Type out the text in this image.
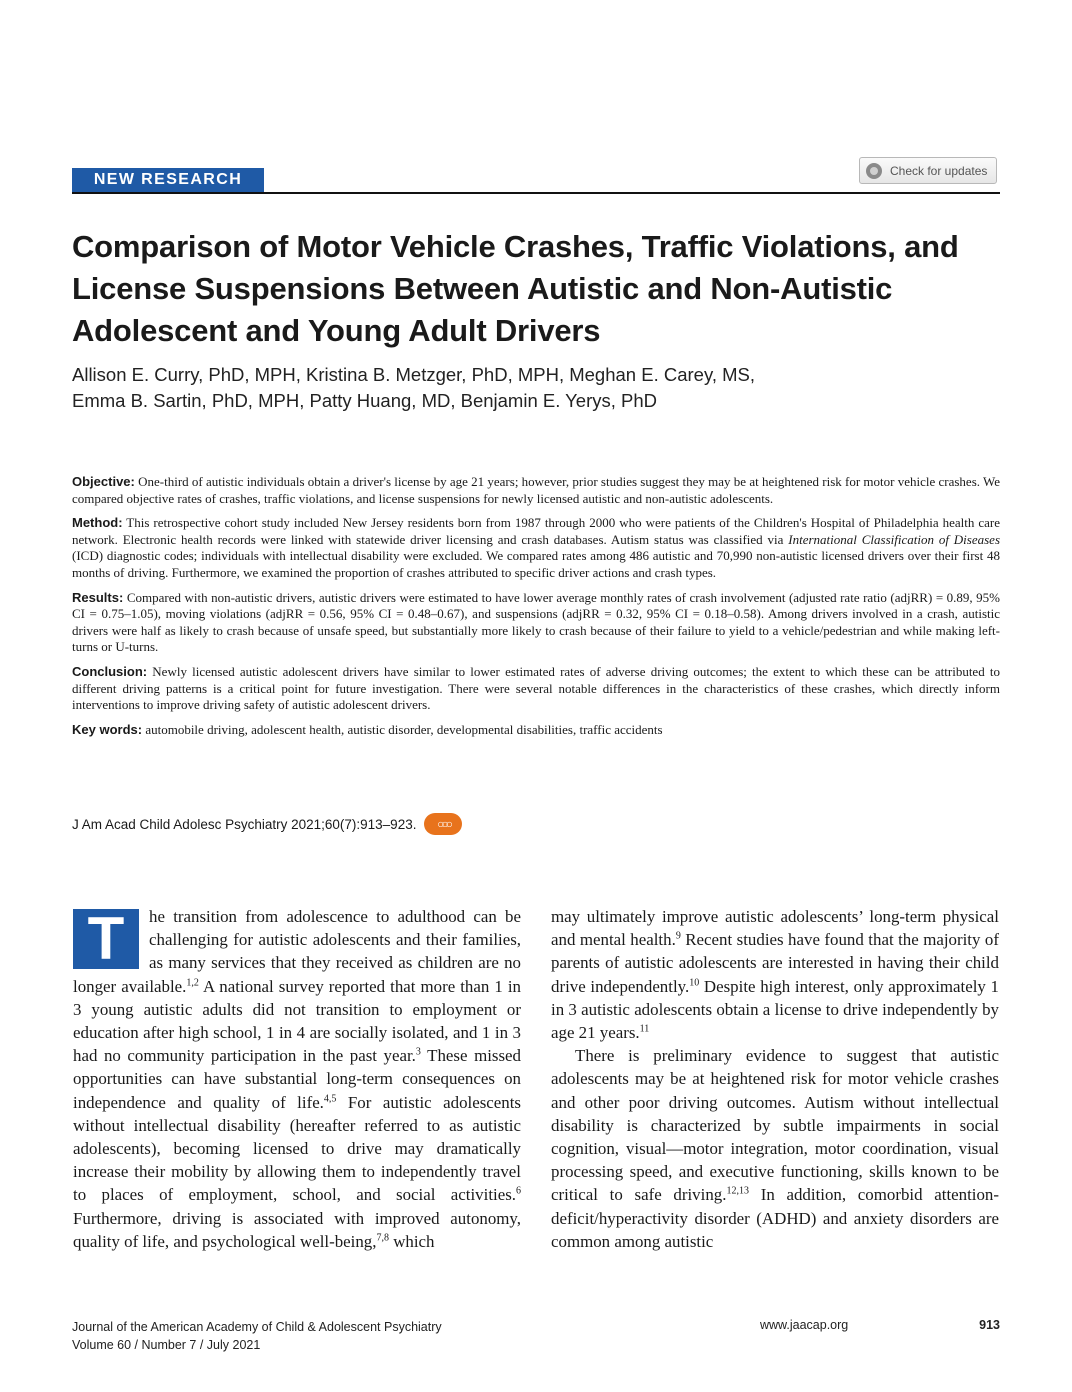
NEW RESEARCH
Check for updates
Comparison of Motor Vehicle Crashes, Traffic Violations, and License Suspensions Between Autistic and Non-Autistic Adolescent and Young Adult Drivers
Allison E. Curry, PhD, MPH, Kristina B. Metzger, PhD, MPH, Meghan E. Carey, MS,
Emma B. Sartin, PhD, MPH, Patty Huang, MD, Benjamin E. Yerys, PhD

Objective: One-third of autistic individuals obtain a driver's license by age 21 years; however, prior studies suggest they may be at heightened risk for motor vehicle crashes. We compared objective rates of crashes, traffic violations, and license suspensions for newly licensed autistic and non-autistic adolescents.

Method: This retrospective cohort study included New Jersey residents born from 1987 through 2000 who were patients of the Children's Hospital of Philadelphia health care network. Electronic health records were linked with statewide driver licensing and crash databases. Autism status was classified via International Classification of Diseases (ICD) diagnostic codes; individuals with intellectual disability were excluded. We compared rates among 486 autistic and 70,990 non-autistic licensed drivers over their first 48 months of driving. Furthermore, we examined the proportion of crashes attributed to specific driver actions and crash types.

Results: Compared with non-autistic drivers, autistic drivers were estimated to have lower average monthly rates of crash involvement (adjusted rate ratio (adjRR) = 0.89, 95% CI = 0.75–1.05), moving violations (adjRR = 0.56, 95% CI = 0.48–0.67), and suspensions (adjRR = 0.32, 95% CI = 0.18–0.58). Among drivers involved in a crash, autistic drivers were half as likely to crash because of unsafe speed, but substantially more likely to crash because of their failure to yield to a vehicle/pedestrian and while making left-turns or U-turns.

Conclusion: Newly licensed autistic adolescent drivers have similar to lower estimated rates of adverse driving outcomes; the extent to which these can be attributed to different driving patterns is a critical point for future investigation. There were several notable differences in the characteristics of these crashes, which directly inform interventions to improve driving safety of autistic adolescent drivers.

Key words: automobile driving, adolescent health, autistic disorder, developmental disabilities, traffic accidents

J Am Acad Child Adolesc Psychiatry 2021;60(7):913–923.	○○○

T	he transition from adolescence to adulthood can be challenging for autistic adolescents and their families, as many services that they received as children are no longer available.$^{1,2}$ A national survey reported that more than 1 in 3 young autistic adults did not transition to employment or education after high school, 1 in 4 are socially isolated, and 1 in 3 had no community participation in the past year.$^3$ These missed opportunities can have substantial long-term consequences on independence and quality of life.$^{4,5}$ For autistic adolescents without intellectual disability (hereafter referred to as autistic adolescents), becoming licensed to drive may dramatically increase their mobility by allowing them to independently travel to places of employment, school, and social activities.$^6$ Furthermore, driving is associated with improved autonomy, quality of life, and psychological well-being,$^{7,8}$ which

may ultimately improve autistic adolescents’ long-term physical and mental health.$^9$ Recent studies have found that the majority of parents of autistic adolescents are interested in having their child drive independently.$^{10}$ Despite high interest, only approximately 1 in 3 autistic adolescents obtain a license to drive independently by age 21 years.$^{11}$

There is preliminary evidence to suggest that autistic adolescents may be at heightened risk for motor vehicle crashes and other poor driving outcomes. Autism without intellectual disability is characterized by subtle impairments in social cognition, visual—motor integration, motor coordination, visual processing speed, and executive functioning, skills known to be critical to safe driving.$^{12,13}$ In addition, comorbid attention-deficit/hyperactivity disorder (ADHD) and anxiety disorders are common among autistic

Journal of the American Academy of Child & Adolescent Psychiatry
Volume 60 / Number 7 / July 2021
www.jaacap.org	913
